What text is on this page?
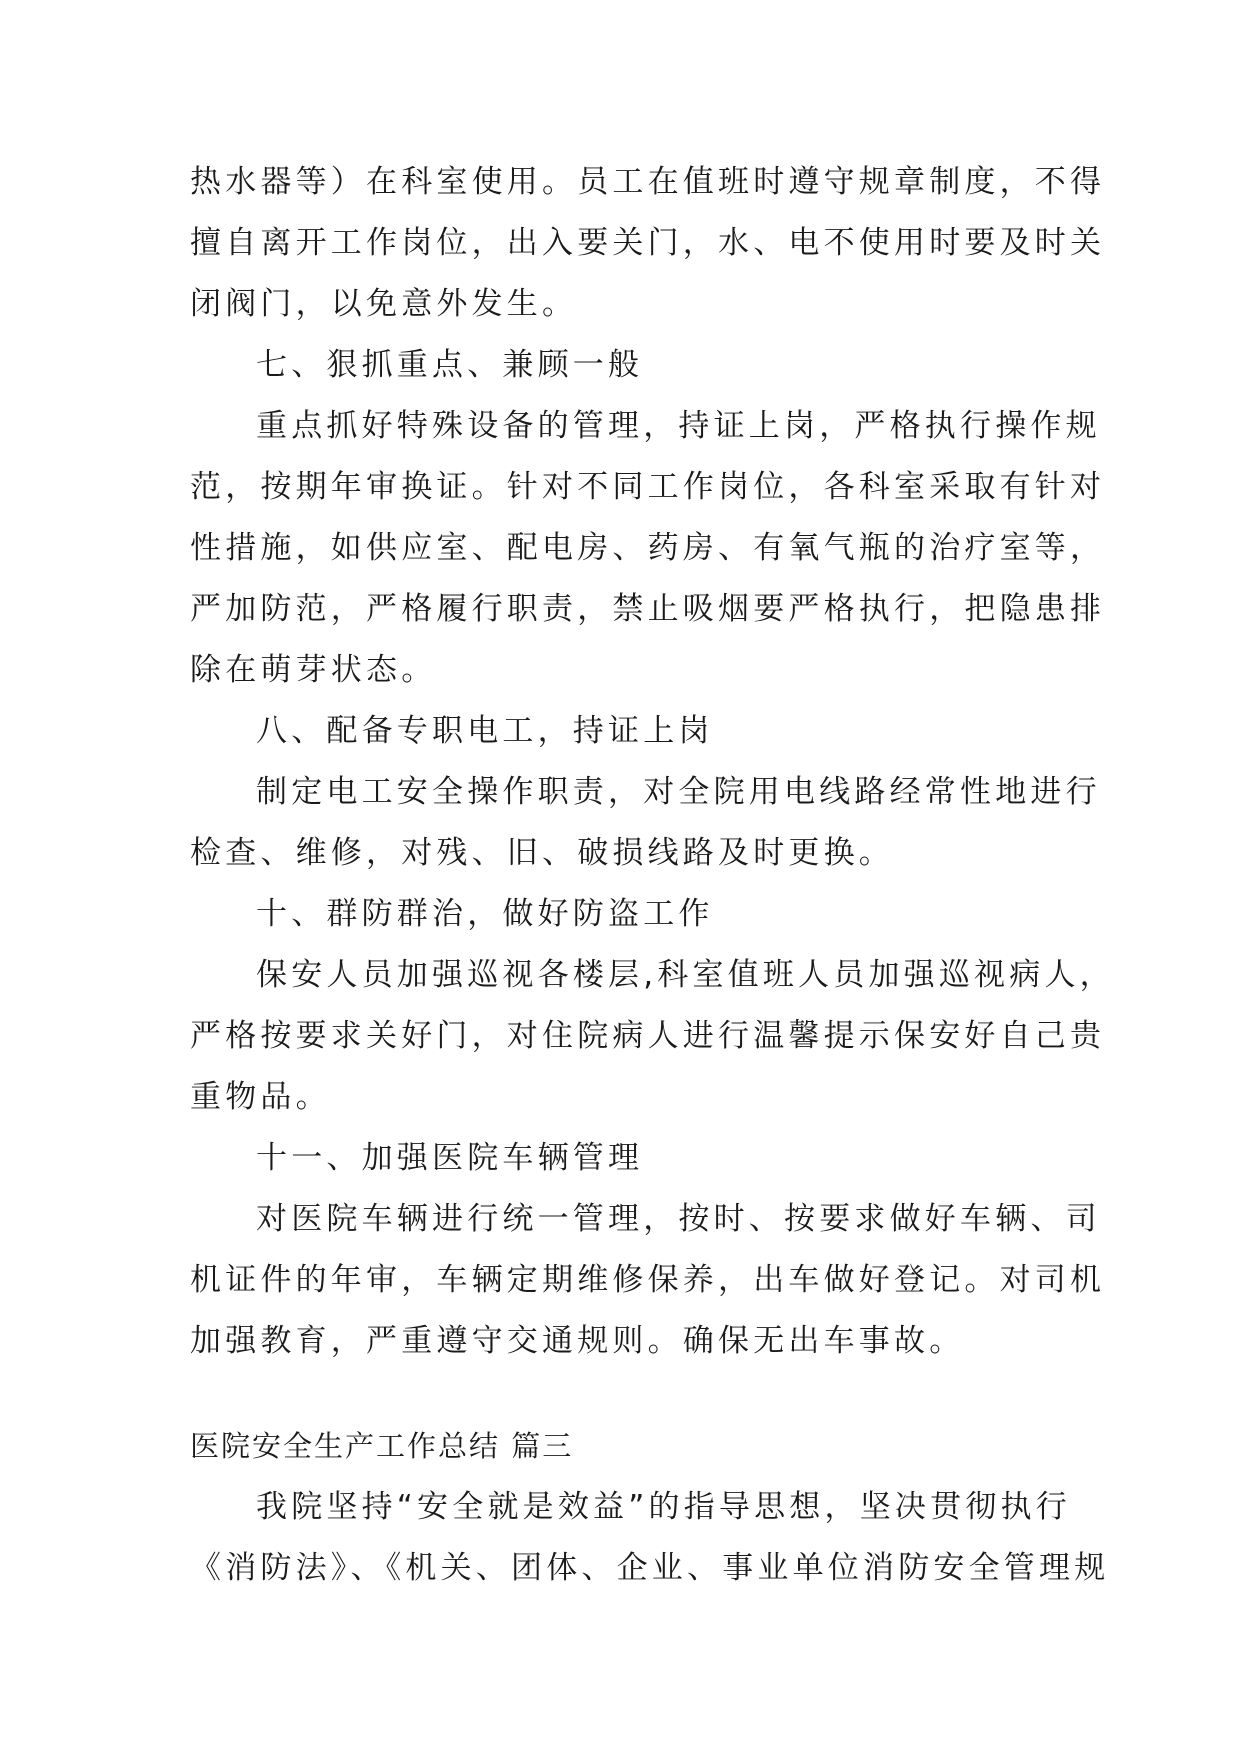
热水器等）在科室使用。员工在值班时遵守规章制度，不得
擅自离开工作岗位，出入要关门，水、电不使用时要及时关
闭阀门，以免意外发生。
七、狠抓重点、兼顾一般
重点抓好特殊设备的管理，持证上岗，严格执行操作规
范，按期年审换证。针对不同工作岗位，各科室采取有针对
性措施，如供应室、配电房、药房、有氧气瓶的治疗室等，
严加防范，严格履行职责，禁止吸烟要严格执行，把隐患排
除在萌芽状态。
八、配备专职电工，持证上岗
制定电工安全操作职责，对全院用电线路经常性地进行
检查、维修，对残、旧、破损线路及时更换。
十、群防群治，做好防盗工作
保安人员加强巡视各楼层,科室值班人员加强巡视病人，
严格按要求关好门，对住院病人进行温馨提示保安好自己贵
重物品。
十一、加强医院车辆管理
对医院车辆进行统一管理，按时、按要求做好车辆、司
机证件的年审，车辆定期维修保养，出车做好登记。对司机
加强教育，严重遵守交通规则。确保无出车事故。
医院安全生产工作总结 篇三
我院坚持“安全就是效益”的指导思想，坚决贯彻执行
《消防法》、《机关、团体、企业、事业单位消防安全管理规
